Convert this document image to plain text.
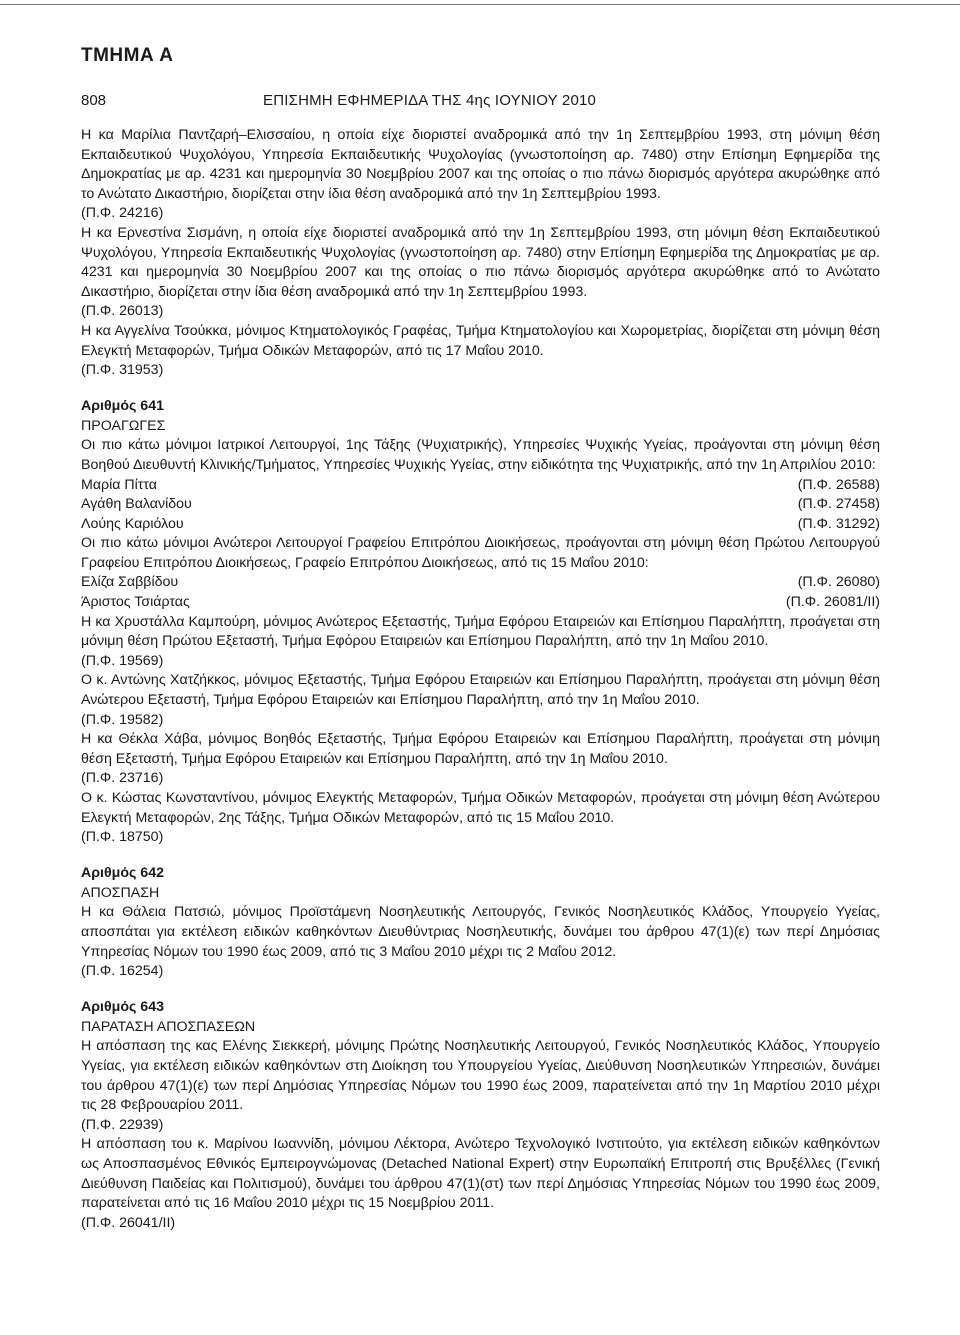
ΤΜΗΜΑ Α
808	ΕΠΙΣΗΜΗ ΕΦΗΜΕΡΙΔΑ ΤΗΣ 4ης ΙΟΥΝΙΟΥ 2010

Η κα Μαρίλια Παντζαρή–Ελισσαίου, η οποία είχε διοριστεί αναδρομικά από την 1η Σεπτεμβρίου 1993, στη μόνιμη θέση Εκπαιδευτικού Ψυχολόγου, Υπηρεσία Εκπαιδευτικής Ψυχολογίας (γνωστοποίηση αρ. 7480) στην Επίσημη Εφημερίδα της Δημοκρατίας με αρ. 4231 και ημερομηνία 30 Νοεμβρίου 2007 και της οποίας ο πιο πάνω διορισμός αργότερα ακυρώθηκε από το Ανώτατο Δικαστήριο, διορίζεται στην ίδια θέση αναδρομικά από την 1η Σεπτεμβρίου 1993.

(Π.Φ. 24216)

Η κα Ερνεστίνα Σισμάνη, η οποία είχε διοριστεί αναδρομικά από την 1η Σεπτεμβρίου 1993, στη μόνιμη θέση Εκπαιδευτικού Ψυχολόγου, Υπηρεσία Εκπαιδευτικής Ψυχολογίας (γνωστοποίηση αρ. 7480) στην Επίσημη Εφημερίδα της Δημοκρατίας με αρ. 4231 και ημερομηνία 30 Νοεμβρίου 2007 και της οποίας ο πιο πάνω διορισμός αργότερα ακυρώθηκε από το Ανώτατο Δικαστήριο, διορίζεται στην ίδια θέση αναδρομικά από την 1η Σεπτεμβρίου 1993.

(Π.Φ. 26013)

Η κα Αγγελίνα Τσούκκα, μόνιμος Κτηματολογικός Γραφέας, Τμήμα Κτηματολογίου και Χωρομετρίας, διορίζεται στη μόνιμη θέση Ελεγκτή Μεταφορών, Τμήμα Οδικών Μεταφορών, από τις 17 Μαΐου 2010.

(Π.Φ. 31953)

Αριθμός 641

ΠΡΟΑΓΩΓΕΣ

Οι πιο κάτω μόνιμοι Ιατρικοί Λειτουργοί, 1ης Τάξης (Ψυχιατρικής), Υπηρεσίες Ψυχικής Υγείας, προάγονται στη μόνιμη θέση Βοηθού Διευθυντή Κλινικής/Τμήματος, Υπηρεσίες Ψυχικής Υγείας, στην ειδικότητα της Ψυχιατρικής, από την 1η Απριλίου 2010:

Μαρία Πίττα	(Π.Φ. 26588)
Αγάθη Βαλανίδου	(Π.Φ. 27458)
Λούης Καριόλου	(Π.Φ. 31292)

Οι πιο κάτω μόνιμοι Ανώτεροι Λειτουργοί Γραφείου Επιτρόπου Διοικήσεως, προάγονται στη μόνιμη θέση Πρώτου Λειτουργού Γραφείου Επιτρόπου Διοικήσεως, Γραφείο Επιτρόπου Διοικήσεως, από τις 15 Μαΐου 2010:

Ελίζα Σαββίδου	(Π.Φ. 26080)
Άριστος Τσιάρτας	(Π.Φ. 26081/ΙΙ)

Η κα Χρυστάλλα Καμπούρη, μόνιμος Ανώτερος Εξεταστής, Τμήμα Εφόρου Εταιρειών και Επίσημου Παραλήπτη, προάγεται στη μόνιμη θέση Πρώτου Εξεταστή, Τμήμα Εφόρου Εταιρειών και Επίσημου Παραλήπτη, από την 1η Μαΐου 2010.

(Π.Φ. 19569)

Ο κ. Αντώνης Χατζήκκος, μόνιμος Εξεταστής, Τμήμα Εφόρου Εταιρειών και Επίσημου Παραλήπτη, προάγεται στη μόνιμη θέση Ανώτερου Εξεταστή, Τμήμα Εφόρου Εταιρειών και Επίσημου Παραλήπτη, από την 1η Μαΐου 2010.

(Π.Φ. 19582)

Η κα Θέκλα Χάβα, μόνιμος Βοηθός Εξεταστής, Τμήμα Εφόρου Εταιρειών και Επίσημου Παραλήπτη, προάγεται στη μόνιμη θέση Εξεταστή, Τμήμα Εφόρου Εταιρειών και Επίσημου Παραλήπτη, από την 1η Μαΐου 2010.

(Π.Φ. 23716)

Ο κ. Κώστας Κωνσταντίνου, μόνιμος Ελεγκτής Μεταφορών, Τμήμα Οδικών Μεταφορών, προάγεται στη μόνιμη θέση Ανώτερου Ελεγκτή Μεταφορών, 2ης Τάξης, Τμήμα Οδικών Μεταφορών, από τις 15 Μαΐου 2010.

(Π.Φ. 18750)

Αριθμός 642

ΑΠΟΣΠΑΣΗ

Η κα Θάλεια Πατσιώ, μόνιμος Προϊστάμενη Νοσηλευτικής Λειτουργός, Γενικός Νοσηλευτικός Κλάδος, Υπουργείο Υγείας, αποσπάται για εκτέλεση ειδικών καθηκόντων Διευθύντριας Νοσηλευτικής, δυνάμει του άρθρου 47(1)(ε) των περί Δημόσιας Υπηρεσίας Νόμων του 1990 έως 2009, από τις 3 Μαΐου 2010 μέχρι τις 2 Μαΐου 2012.

(Π.Φ. 16254)

Αριθμός 643

ΠΑΡΑΤΑΣΗ ΑΠΟΣΠΑΣΕΩΝ

Η απόσπαση της κας Ελένης Σιεκκερή, μόνιμης Πρώτης Νοσηλευτικής Λειτουργού, Γενικός Νοσηλευτικός Κλάδος, Υπουργείο Υγείας, για εκτέλεση ειδικών καθηκόντων στη Διοίκηση του Υπουργείου Υγείας, Διεύθυνση Νοσηλευτικών Υπηρεσιών, δυνάμει του άρθρου 47(1)(ε) των περί Δημόσιας Υπηρεσίας Νόμων του 1990 έως 2009, παρατείνεται από την 1η Μαρτίου 2010 μέχρι τις 28 Φεβρουαρίου 2011.

(Π.Φ. 22939)

Η απόσπαση του κ. Μαρίνου Ιωαννίδη, μόνιμου Λέκτορα, Ανώτερο Τεχνολογικό Ινστιτούτο, για εκτέλεση ειδικών καθηκόντων ως Αποσπασμένος Εθνικός Εμπειρογνώμονας (Detached National Expert) στην Ευρωπαϊκή Επιτροπή στις Βρυξέλλες (Γενική Διεύθυνση Παιδείας και Πολιτισμού), δυνάμει του άρθρου 47(1)(στ) των περί Δημόσιας Υπηρεσίας Νόμων του 1990 έως 2009, παρατείνεται από τις 16 Μαΐου 2010 μέχρι τις 15 Νοεμβρίου 2011.

(Π.Φ. 26041/ΙΙ)
